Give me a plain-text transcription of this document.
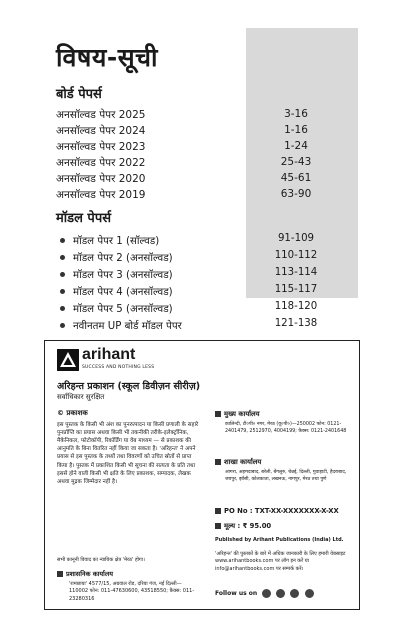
विषय-सूची
बोर्ड पेपर्स
अनसॉल्वड पेपर 2025	3-16
अनसॉल्वड पेपर 2024	1-16
अनसॉल्वड पेपर 2023	1-24
अनसॉल्वड पेपर 2022	25-43
अनसॉल्वड पेपर 2020	45-61
अनसॉल्वड पेपर 2019	63-90
मॉडल पेपर्स
मॉडल पेपर 1 (सॉल्वड)	91-109
मॉडल पेपर 2 (अनसॉल्वड)	110-112
मॉडल पेपर 3 (अनसॉल्वड)	113-114
मॉडल पेपर 4 (अनसॉल्वड)	115-117
मॉडल पेपर 5 (अनसॉल्वड)	118-120
नवीनतम UP बोर्ड मॉडल पेपर	121-138
arihant
SUCCESS AND NOTHING LESS
अरिहन्त प्रकाशन (स्कूल डिवीज़न सीरीज़)
सर्वाधिकार सुरक्षित
© प्रकाशक
इस पुस्तक के किसी भी अंश का पुनरुत्पादन या किसी प्रणाली के सहारे पुनर्प्राप्ति का प्रयास अथवा किसी भी तकनीकी तरीके-इलेक्ट्रॉनिक, मैकेनिकल, फोटोकॉपी, रिकॉर्डिंग या वेब माध्यम — से प्रकाशक की आनुमति के बिना वितरित नहीं किया जा सकता है। 'अरिहन्त' ने अपने प्रयास से इस पुस्तक के तथ्यों तथा विवरणों को उचित स्रोतों से प्राप्त किया है। पुस्तक में प्रकाशित किसी भी सूचना की सत्यता के प्रति तथा इससे होने वाली किसी भी क्षति के लिए प्रकाशक, सम्पादक, लेखक अथवा मुद्रक जिम्मेदार नहीं है।
सभी कानूनी विवाद का न्यायिक क्षेत्र 'मेरठ' होगा।
प्रशासनिक कार्यालय
'रामछाया' 4577/15, अग्रवाल रोड, दरिया गंज, नई दिल्ली— 110002 फोन: 011-47630600, 43518550; फ़ैक्स: 011-23280316
मुख्य कार्यालय
कालिन्दी, टी०पी० नगर, मेरठ (यू०पी०)—250002 फोन: 0121-2401479, 2512970, 4004199; फ़ैक्स: 0121-2401648
शाखा कार्यालय
आगरा, अहमदाबाद, बरेली, बेंगलुरु, चेन्नई, दिल्ली, गुवाहाटी, हैदराबाद, जयपुर, झाँसी, कोलकाता, लखनऊ, नागपुर, मेरठ तथा पुणे
PO No : TXT-XX-XXXXXXX-X-XX
मूल्य : ₹ 95.00
Published by Arihant Publications (India) Ltd.
'अरिहन्त' की पुस्तकों के बारे में अधिक जानकारी के लिए हमारी वेबसाइट www.arihantbooks.com पर लॉग इन करें या info@arihantbooks.com पर सम्पर्क करें।
Follow us on
